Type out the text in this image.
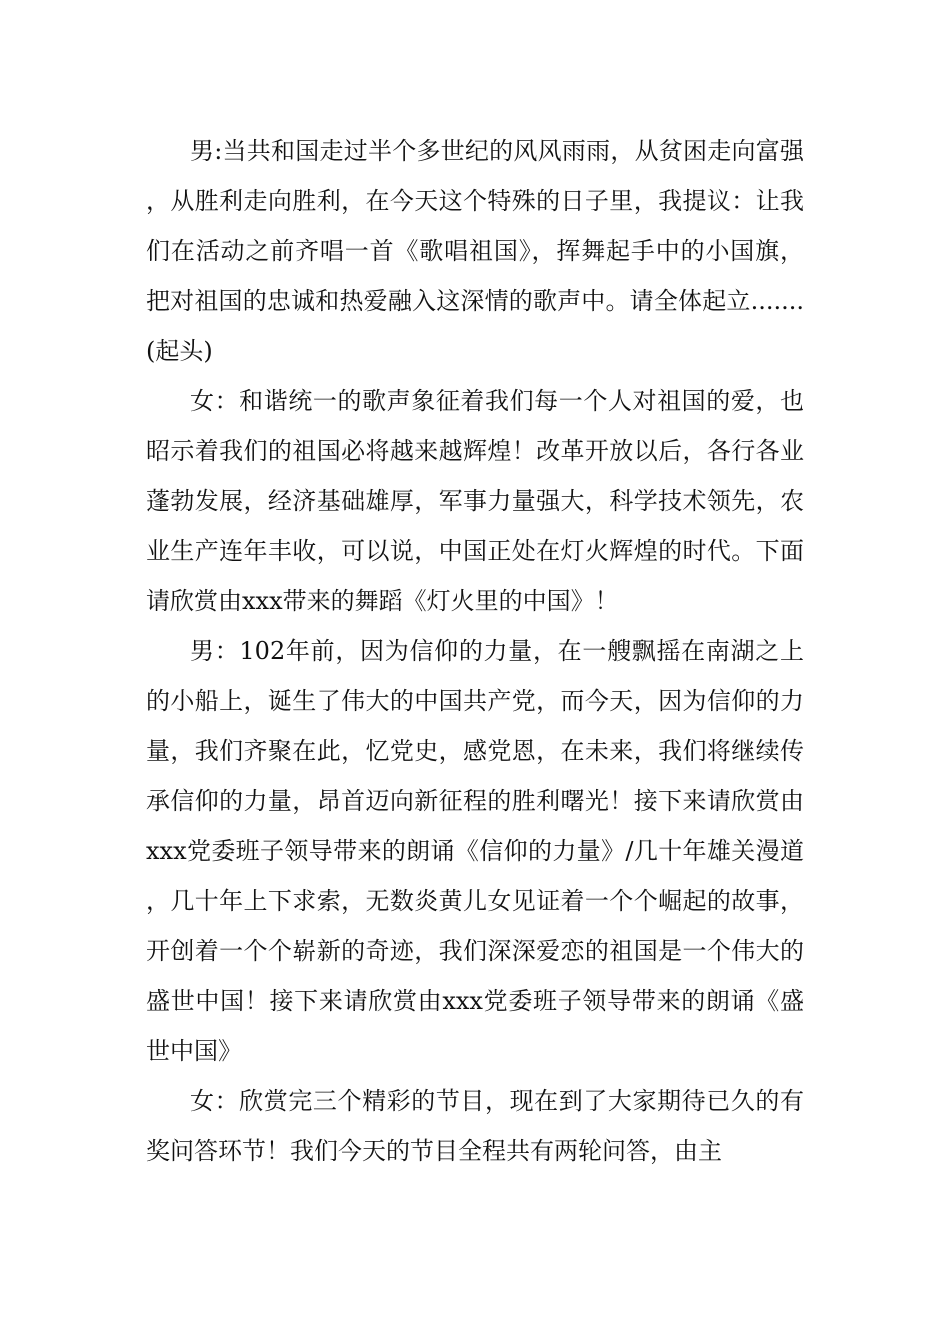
男:当共和国走过半个多世纪的风风雨雨，从贫困走向富强，从胜利走向胜利，在今天这个特殊的日子里，我提议：让我们在活动之前齐唱一首《歌唱祖国》，挥舞起手中的小国旗，把对祖国的忠诚和热爱融入这深情的歌声中。请全体起立.......(起头)

女：和谐统一的歌声象征着我们每一个人对祖国的爱，也昭示着我们的祖国必将越来越辉煌！改革开放以后，各行各业蓬勃发展，经济基础雄厚，军事力量强大，科学技术领先，农业生产连年丰收，可以说，中国正处在灯火辉煌的时代。下面请欣赏由xxx带来的舞蹈《灯火里的中国》！

男：102年前，因为信仰的力量，在一艘飘摇在南湖之上的小船上，诞生了伟大的中国共产党，而今天，因为信仰的力量，我们齐聚在此，忆党史，感党恩，在未来，我们将继续传承信仰的力量，昂首迈向新征程的胜利曙光！接下来请欣赏由xxx党委班子领导带来的朗诵《信仰的力量》/几十年雄关漫道，几十年上下求索，无数炎黄儿女见证着一个个崛起的故事，开创着一个个崭新的奇迹，我们深深爱恋的祖国是一个伟大的盛世中国！接下来请欣赏由xxx党委班子领导带来的朗诵《盛世中国》

女：欣赏完三个精彩的节目，现在到了大家期待已久的有奖问答环节！我们今天的节目全程共有两轮问答，由主
